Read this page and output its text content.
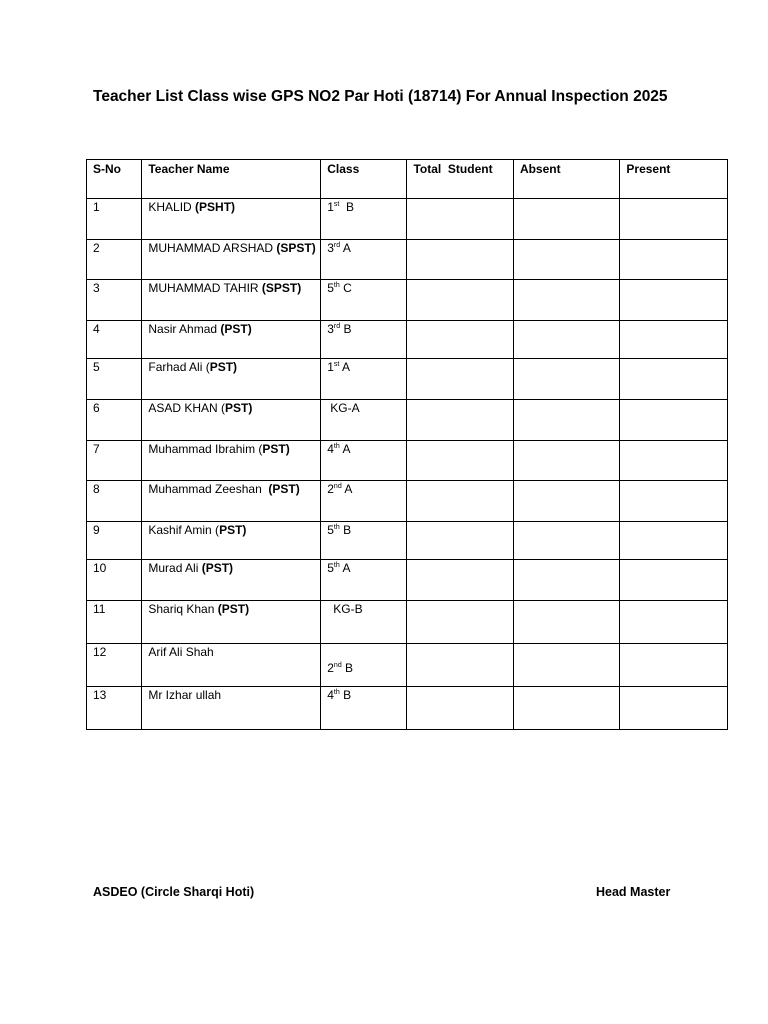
Teacher List Class wise GPS NO2 Par Hoti (18714) For Annual Inspection 2025
S-No	Teacher Name	Class	Total  Student	Absent	Present
1	KHALID (PSHT)	1st  B			
2	MUHAMMAD ARSHAD (SPST)	3rd A			
3	MUHAMMAD TAHIR (SPST)	5th C			
4	Nasir Ahmad (PST)	3rd B			
5	Farhad Ali (PST)	1st A			
6	ASAD KHAN (PST)	KG-A			
7	Muhammad Ibrahim (PST)	4th A			
8	Muhammad Zeeshan  (PST)	2nd A			
9	Kashif Amin (PST)	5th B			
10	Murad Ali (PST)	5th A			
11	Shariq Khan (PST)	KG-B			
12	Arif Ali Shah	2nd B			
13	Mr Izhar ullah	4th B			
ASDEO (Circle Sharqi Hoti)	Head Master
